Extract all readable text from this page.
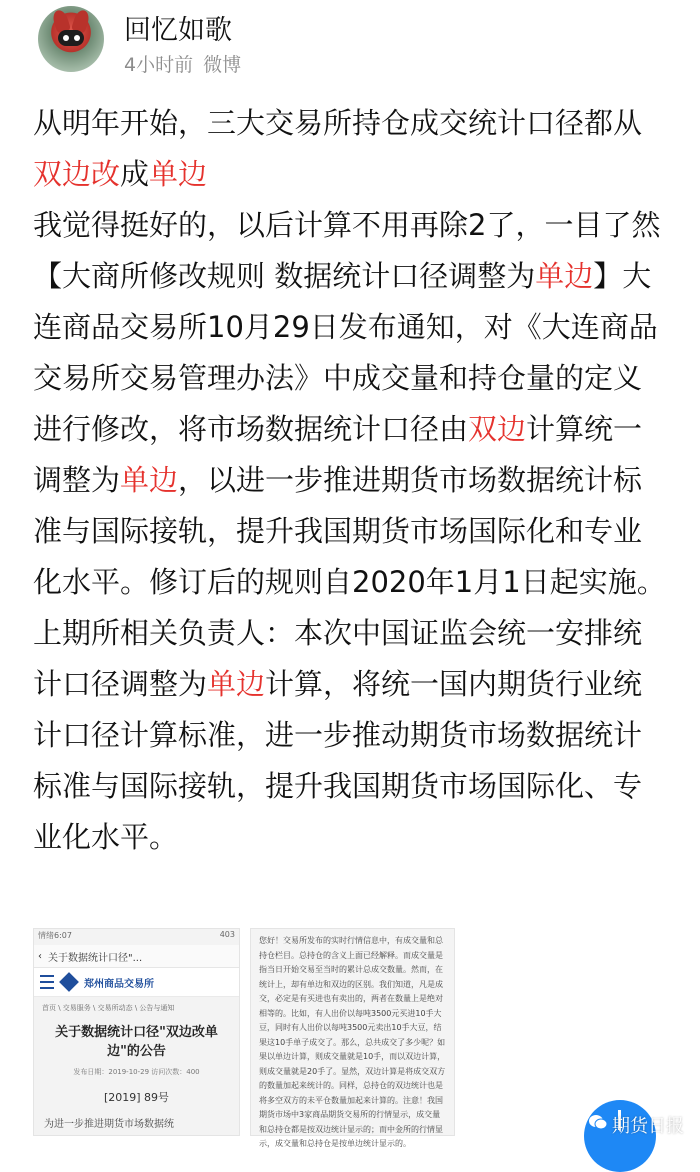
回忆如歌
4小时前 微博

从明年开始，三大交易所持仓成交统计口径都从双边改成单边

我觉得挺好的，以后计算不用再除2了，一目了然

【大商所修改规则 数据统计口径调整为单边】大连商品交易所10月29日发布通知，对《大连商品交易所交易管理办法》中成交量和持仓量的定义进行修改，将市场数据统计口径由双边计算统一调整为单边，以进一步推进期货市场数据统计标准与国际接轨，提升我国期货市场国际化和专业化水平。修订后的规则自2020年1月1日起实施。

上期所相关负责人：本次中国证监会统一安排统计口径调整为单边计算，将统一国内期货行业统计口径计算标准，进一步推动期货市场数据统计标准与国际接轨，提升我国期货市场国际化、专业化水平。

情绪6:07	403
‹ 关于数据统计口径"...
郑州商品交易所
首页 \ 交易服务 \ 交易所动态 \ 公告与通知
关于数据统计口径"双边改单边"的公告
发布日期：2019-10-29 访问次数：400
[2019] 89号
为进一步推进期货市场数据统
您好！交易所发布的实时行情信息中，有成交量和总持仓栏目。总持仓的含义上面已经解释。而成交量是指当日开始交易至当时的累计总成交数量。然而，在统计上，却有单边和双边的区别。我们知道，凡是成交，必定是有买进也有卖出的，两者在数量上是绝对相等的。比如，有人出价以每吨3500元买进10手大豆，同时有人出价以每吨3500元卖出10手大豆，结果这10手单子成交了。那么，总共成交了多少呢？如果以单边计算，则成交量就是10手，而以双边计算，则成交量就是20手了。显然，双边计算是将成交双方的数量加起来统计的。同样，总持仓的双边统计也是将多空双方的未平仓数量加起来计算的。注意！我国期货市场中3家商品期货交易所的行情显示，成交量和总持仓都是按双边统计显示的；而中金所的行情显示，成交量和总持仓是按单边统计显示的。
期货日报
